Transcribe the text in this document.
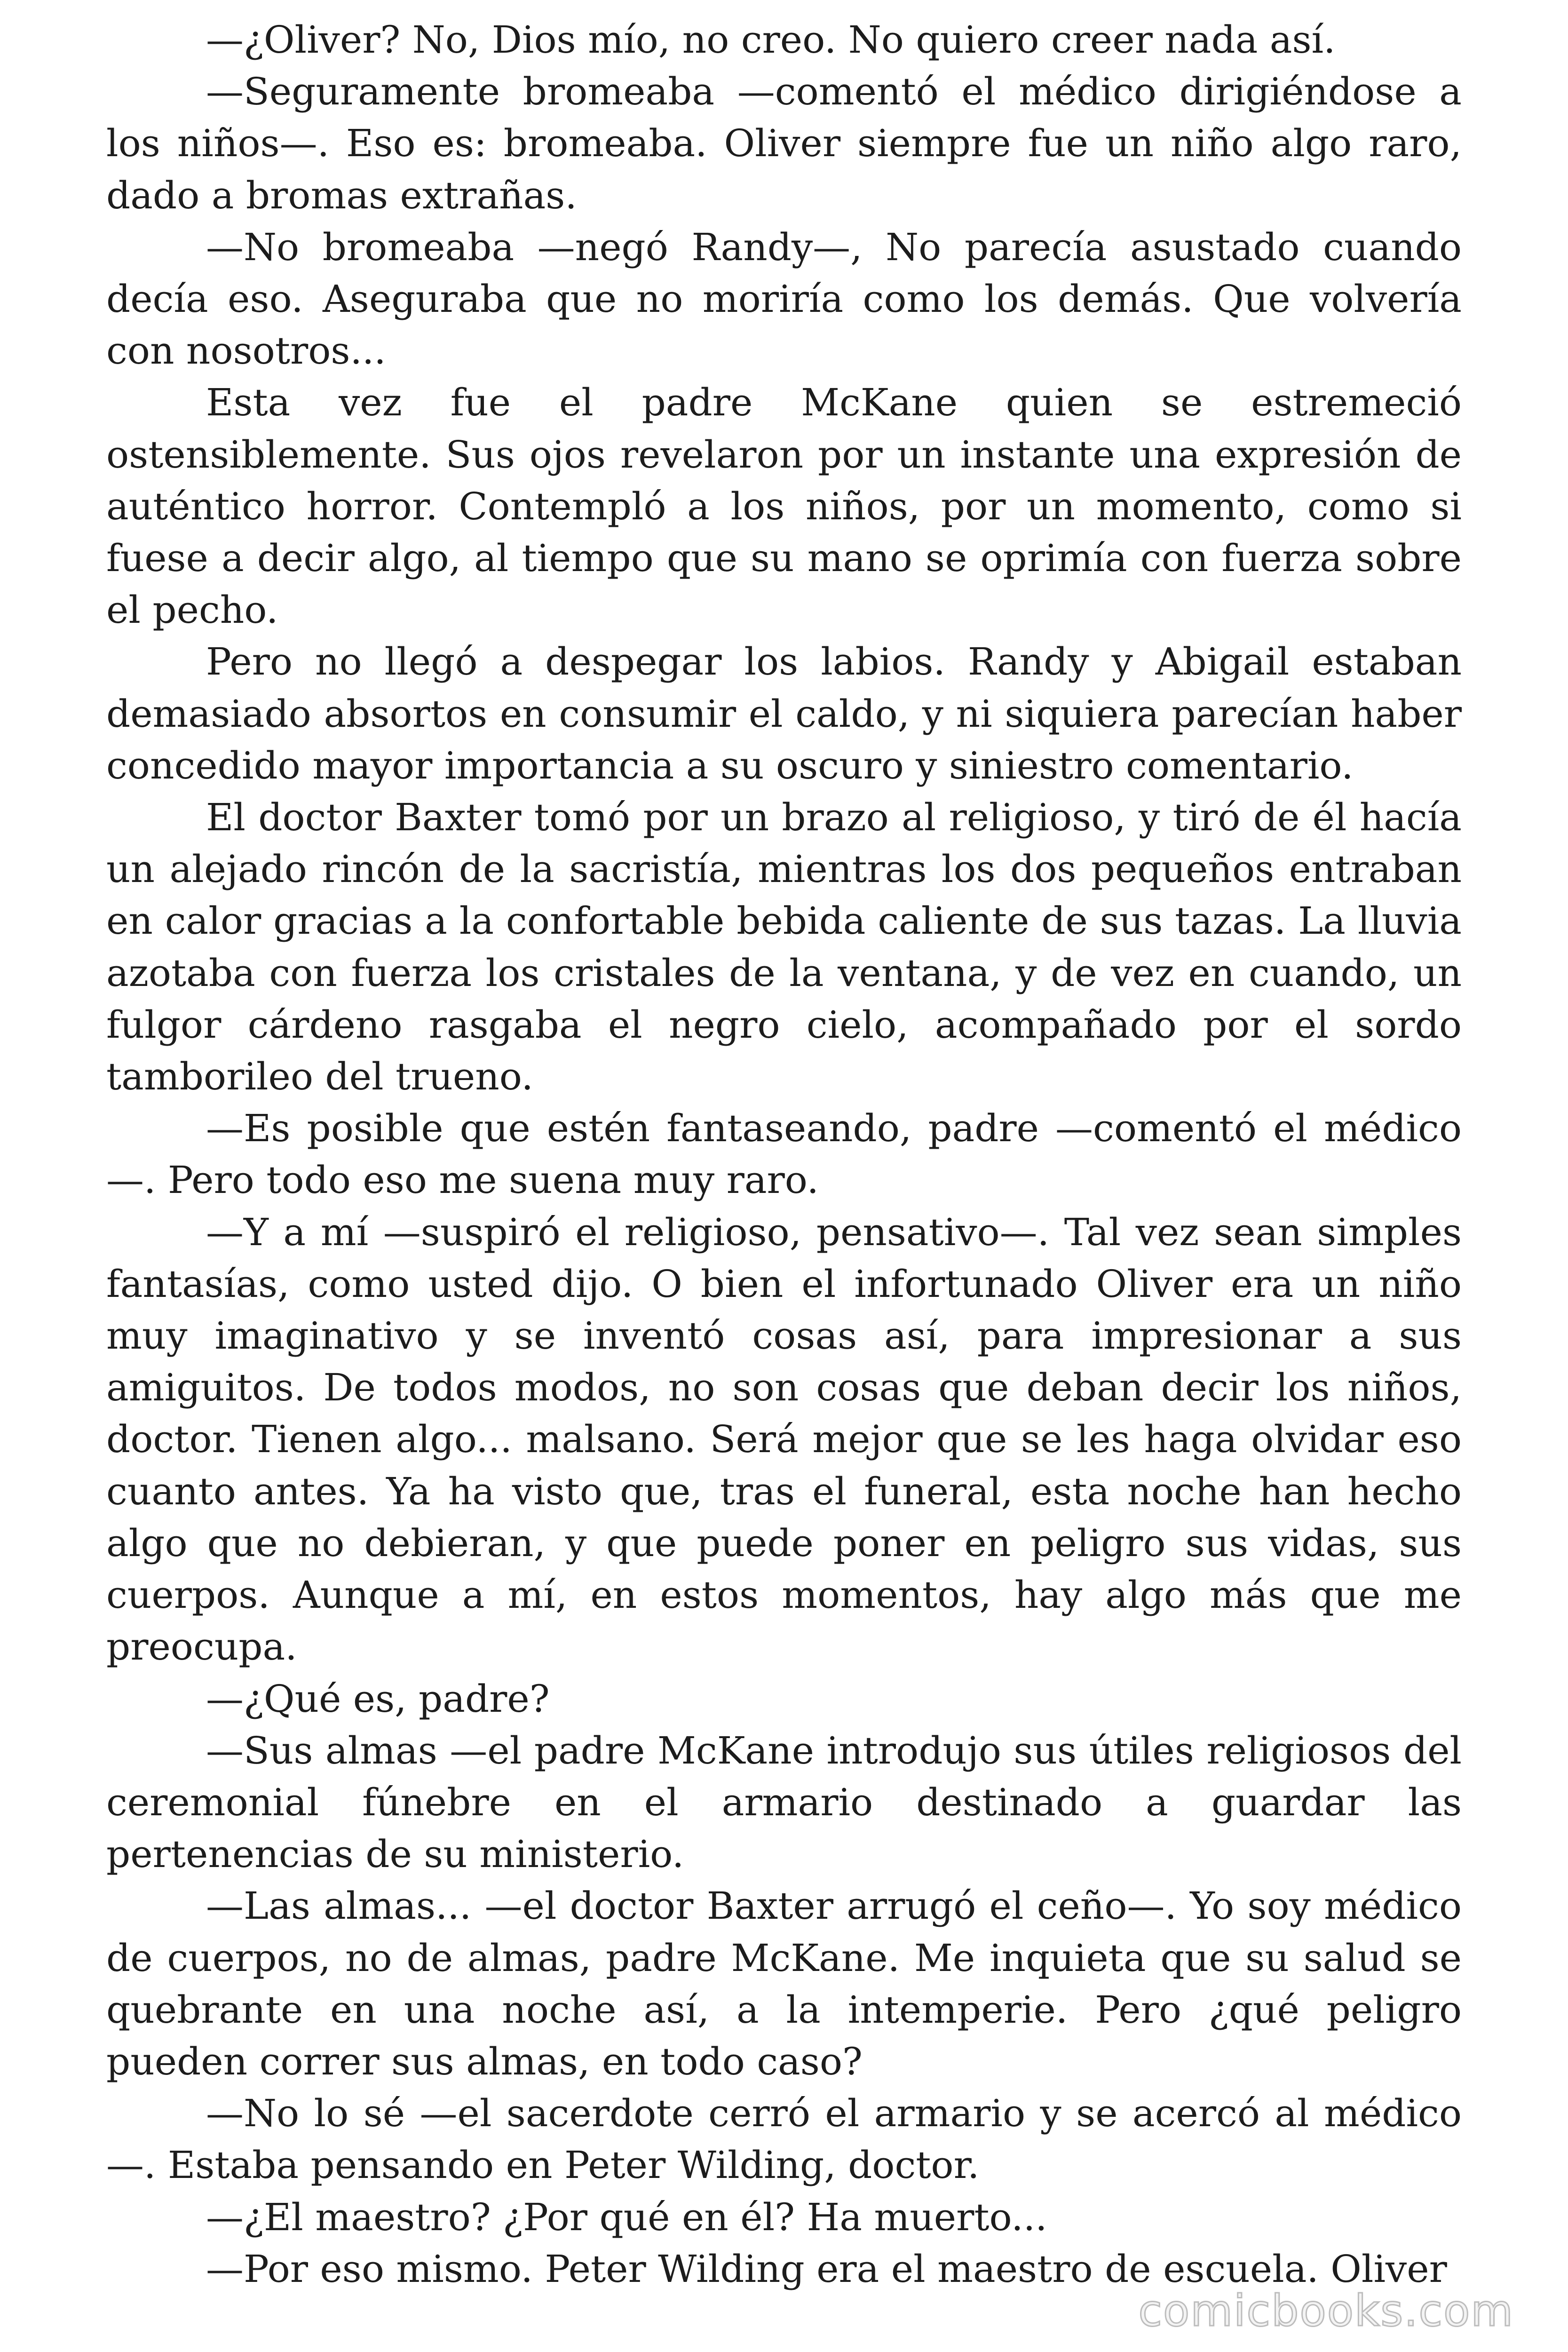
—¿Oliver? No, Dios mío, no creo. No quiero creer nada así.

—Seguramente bromeaba —comentó el médico dirigiéndose a los niños—. Eso es: bromeaba. Oliver siempre fue un niño algo raro, dado a bromas extrañas.

—No bromeaba —negó Randy—, No parecía asustado cuando decía eso. Aseguraba que no moriría como los demás. Que volvería con nosotros...

Esta vez fue el padre McKane quien se estremeció ostensiblemente. Sus ojos revelaron por un instante una expresión de auténtico horror. Contempló a los niños, por un momento, como si fuese a decir algo, al tiempo que su mano se oprimía con fuerza sobre el pecho.

Pero no llegó a despegar los labios. Randy y Abigail estaban demasiado absortos en consumir el caldo, y ni siquiera parecían haber concedido mayor importancia a su oscuro y siniestro comentario.

El doctor Baxter tomó por un brazo al religioso, y tiró de él hacía un alejado rincón de la sacristía, mientras los dos pequeños entraban en calor gracias a la confortable bebida caliente de sus tazas. La lluvia azotaba con fuerza los cristales de la ventana, y de vez en cuando, un fulgor cárdeno rasgaba el negro cielo, acompañado por el sordo tamborileo del trueno.

—Es posible que estén fantaseando, padre —comentó el médico —. Pero todo eso me suena muy raro.

—Y a mí —suspiró el religioso, pensativo—. Tal vez sean simples fantasías, como usted dijo. O bien el infortunado Oliver era un niño muy imaginativo y se inventó cosas así, para impresionar a sus amiguitos. De todos modos, no son cosas que deban decir los niños, doctor. Tienen algo... malsano. Será mejor que se les haga olvidar eso cuanto antes. Ya ha visto que, tras el funeral, esta noche han hecho algo que no debieran, y que puede poner en peligro sus vidas, sus cuerpos. Aunque a mí, en estos momentos, hay algo más que me preocupa.

—¿Qué es, padre?

—Sus almas —el padre McKane introdujo sus útiles religiosos del ceremonial fúnebre en el armario destinado a guardar las pertenencias de su ministerio.

—Las almas... —el doctor Baxter arrugó el ceño—. Yo soy médico de cuerpos, no de almas, padre McKane. Me inquieta que su salud se quebrante en una noche así, a la intemperie. Pero ¿qué peligro pueden correr sus almas, en todo caso?

—No lo sé —el sacerdote cerró el armario y se acercó al médico —. Estaba pensando en Peter Wilding, doctor.

—¿El maestro? ¿Por qué en él? Ha muerto...

—Por eso mismo. Peter Wilding era el maestro de escuela. Oliver

comicbooks.com
